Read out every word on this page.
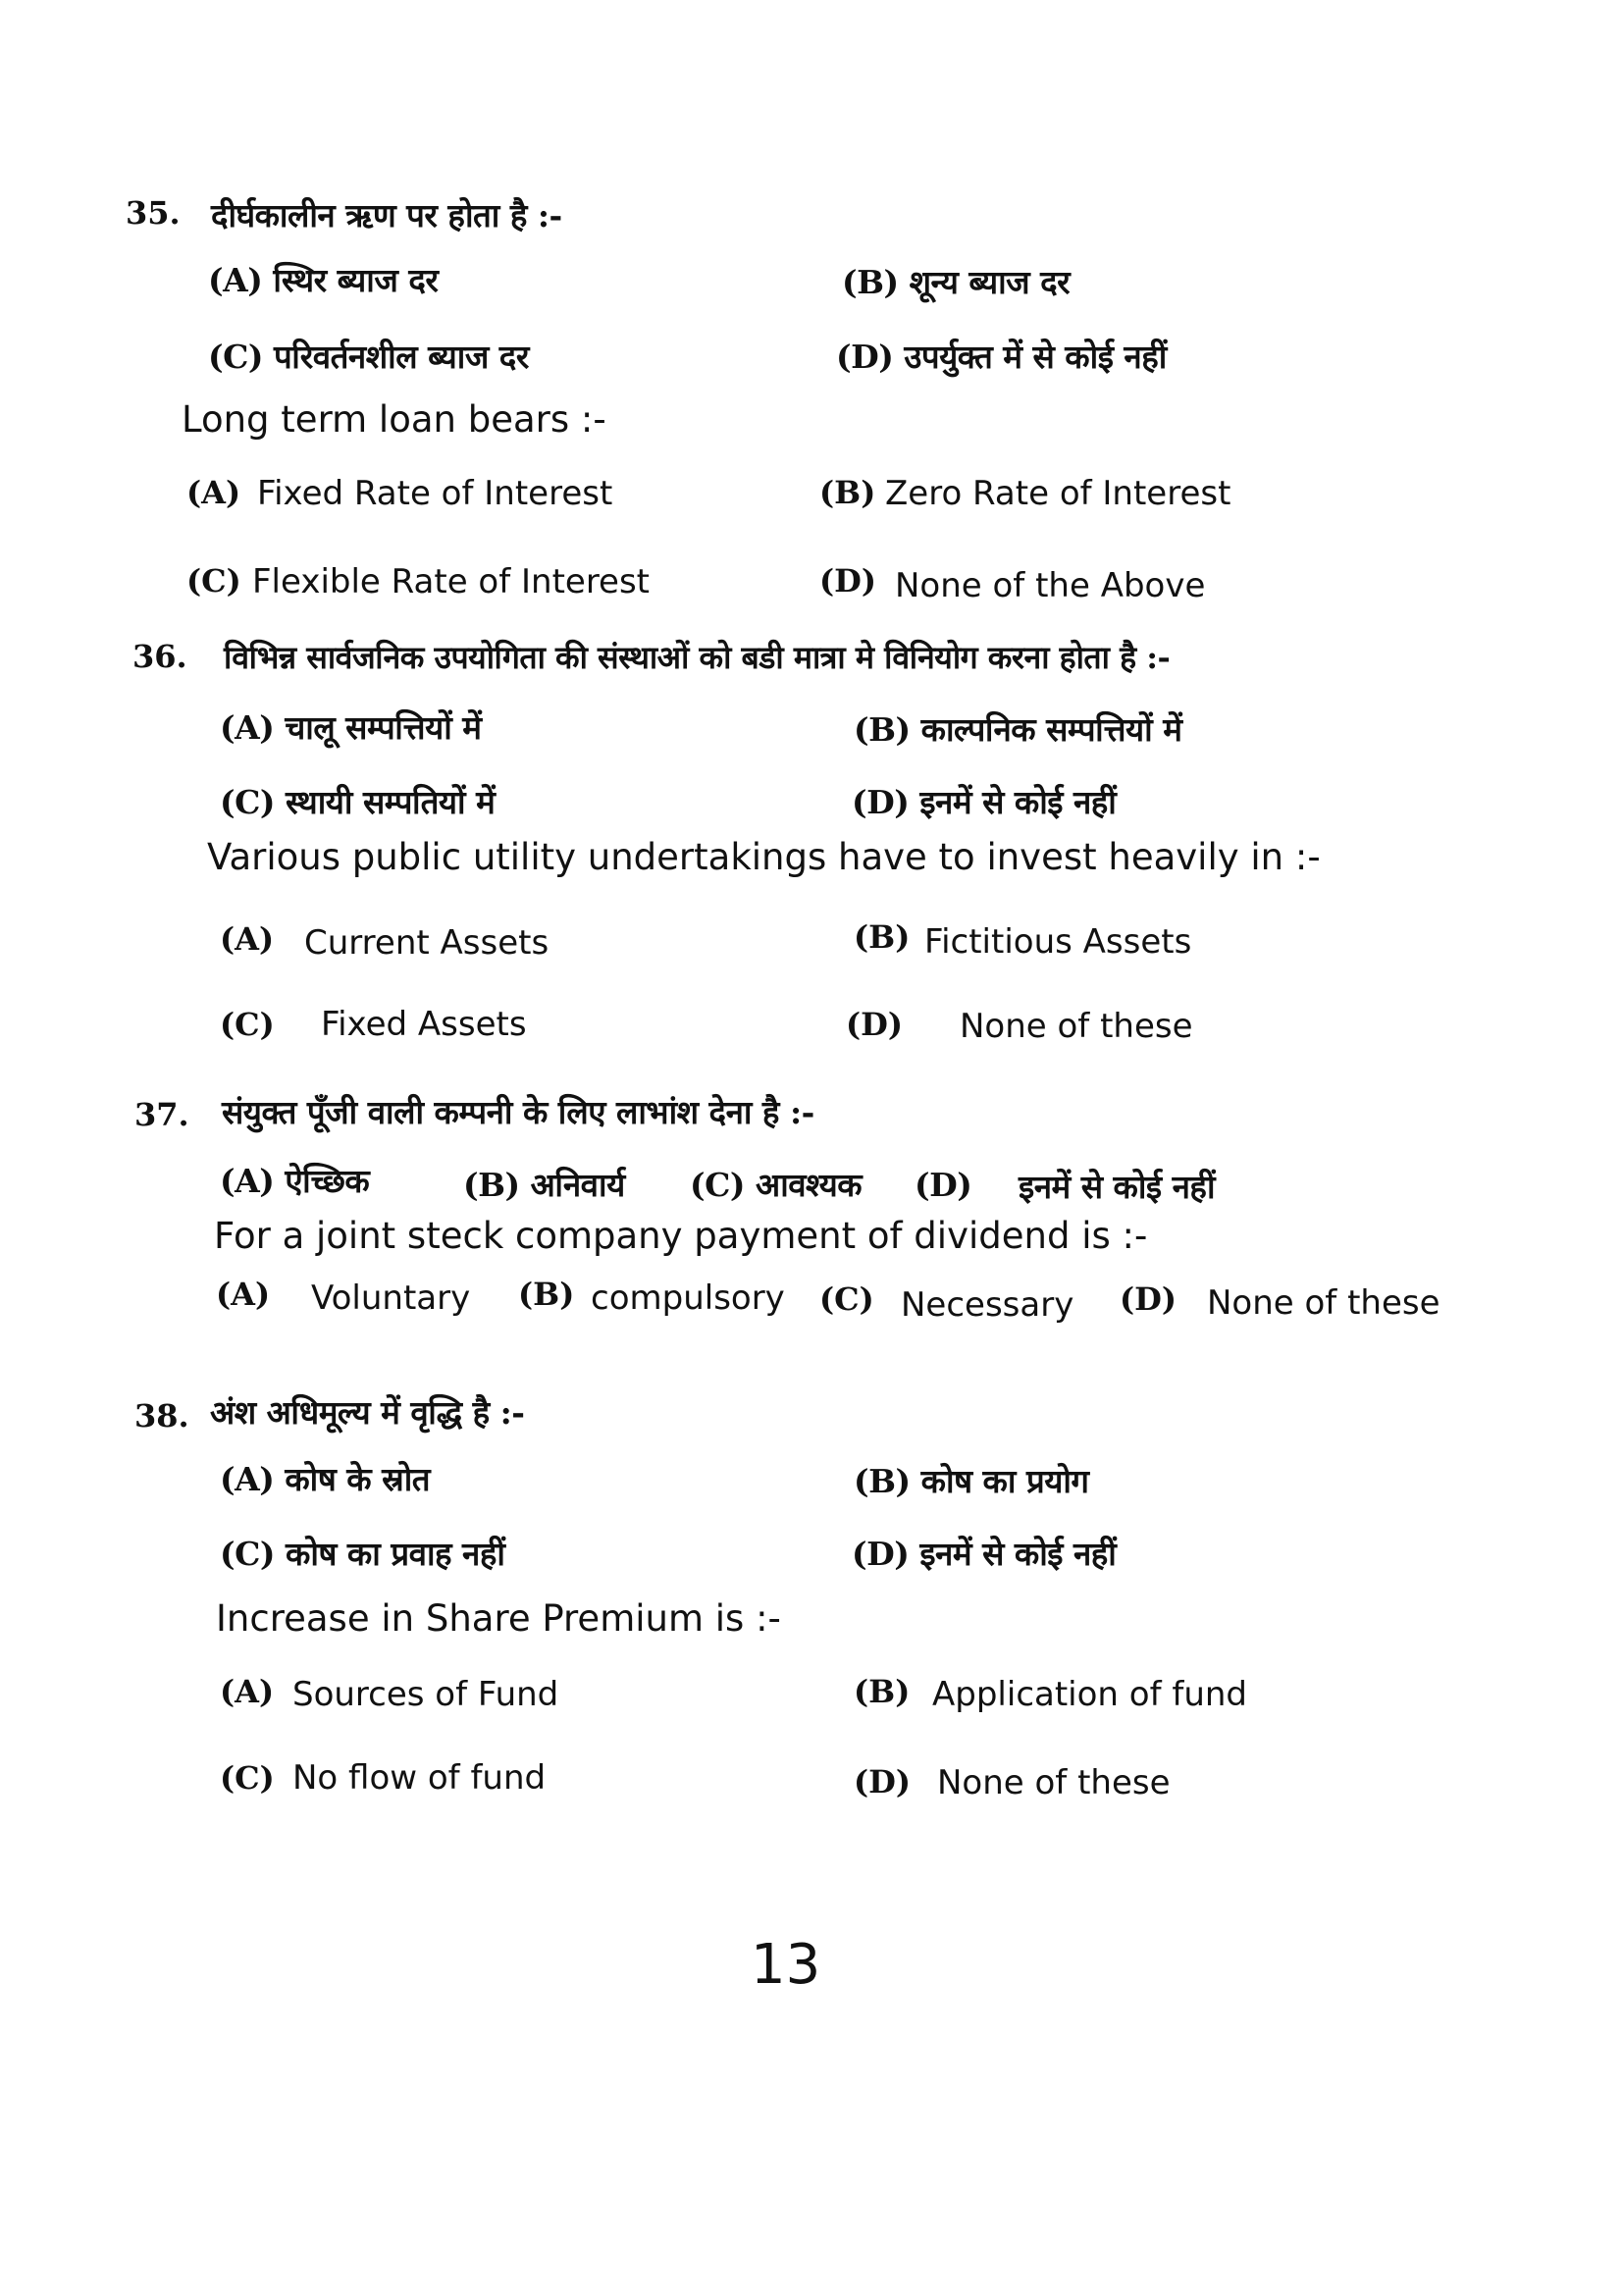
35. दीर्घकालीन ऋण पर होता है :-
(A) स्थिर ब्याज दर	(B) शून्य ब्याज दर
(C) परिवर्तनशील ब्याज दर	(D) उपर्युक्त में से कोई नहीं
Long term loan bears :-
(A) Fixed Rate of Interest	(B) Zero Rate of Interest
(C) Flexible Rate of Interest	(D) None of the Above
36. विभिन्न सार्वजनिक उपयोगिता की संस्थाओं को बडी मात्रा मे विनियोग करना होता है :-
(A) चालू सम्पत्तियों में	(B) काल्पनिक सम्पत्तियों में
(C) स्थायी सम्पतियों में	(D) इनमें से कोई नहीं
Various public utility undertakings have to invest heavily in :-
(A) Current Assets	(B) Fictitious Assets
(C) Fixed Assets	(D) None of these
37. संयुक्त पूँजी वाली कम्पनी के लिए लाभांश देना है :-
(A) ऐच्छिक	(B) अनिवार्य (C) आवश्यक (D) इनमें से कोई नहीं
For a joint steck company payment of dividend is :-
(A) Voluntary (B) compulsory (C) Necessary (D) None of these
38. अंश अधिमूल्य में वृद्धि है :-
(A) कोष के स्रोत	(B) कोष का प्रयोग
(C) कोष का प्रवाह नहीं	(D) इनमें से कोई नहीं
Increase in Share Premium is :-
(A) Sources of Fund	(B) Application of fund
(C) No flow of fund	(D) None of these
13
